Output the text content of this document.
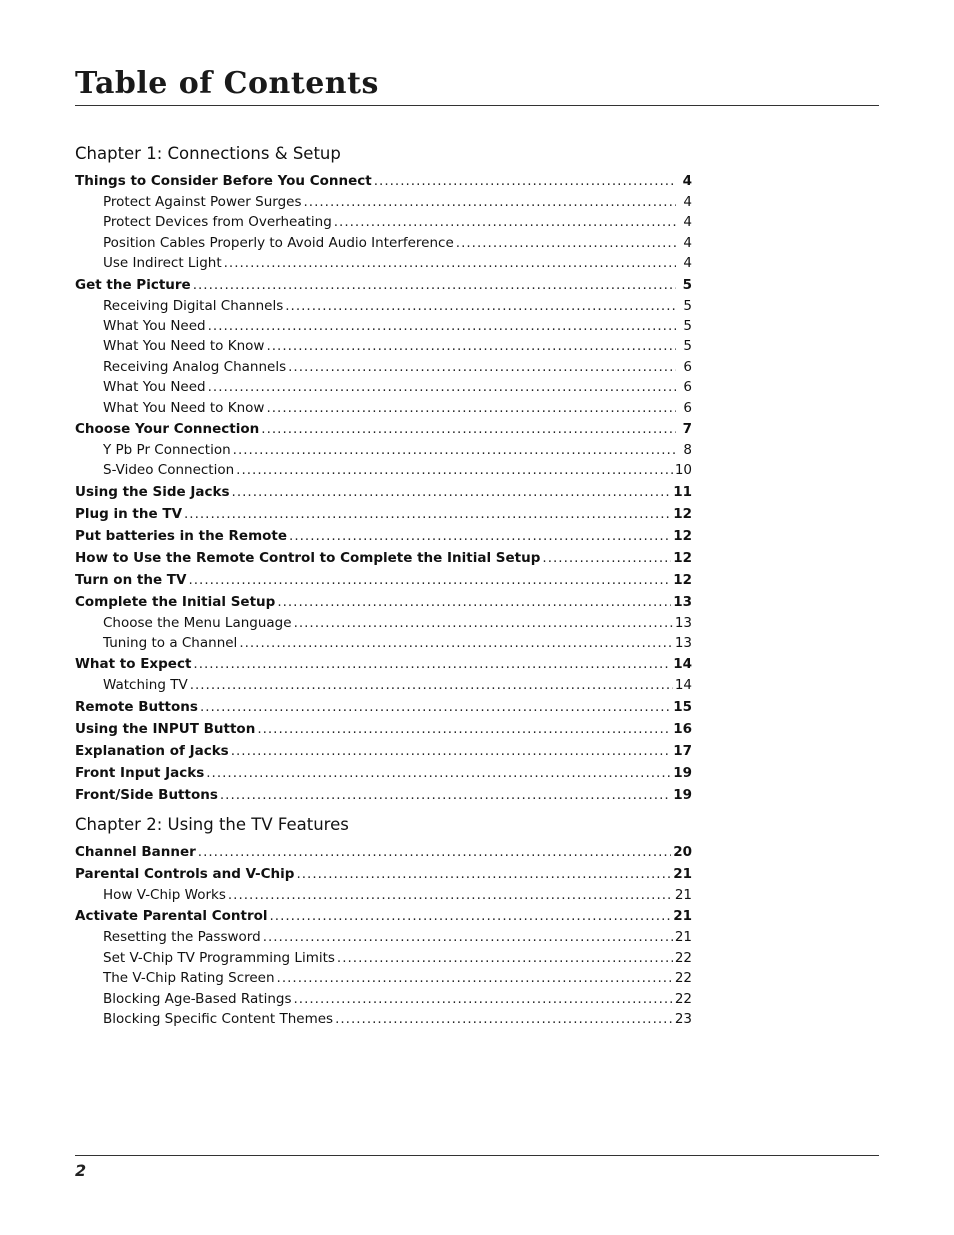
Table of Contents
Chapter 1: Connections & Setup
Things to Consider Before You Connect .....	4
Protect Against Power Surges .....	4
Protect Devices from Overheating .....	4
Position Cables Properly to Avoid Audio Interference .....	4
Use Indirect Light .....	4
Get the Picture .....	5
Receiving Digital Channels .....	5
What You Need .....	5
What You Need to Know .....	5
Receiving Analog Channels .....	6
What You Need .....	6
What You Need to Know .....	6
Choose Your Connection .....	7
Y Pb Pr Connection .....	8
S-Video Connection .....	10
Using the Side Jacks .....	11
Plug in the TV .....	12
Put batteries in the Remote .....	12
How to Use the Remote Control to Complete the Initial Setup .....	12
Turn on the TV .....	12
Complete the Initial Setup .....	13
Choose the Menu Language .....	13
Tuning to a Channel .....	13
What to Expect .....	14
Watching TV .....	14
Remote Buttons .....	15
Using the INPUT Button .....	16
Explanation of Jacks .....	17
Front Input Jacks .....	19
Front/Side Buttons .....	19
Chapter 2: Using the TV Features
Channel Banner .....	20
Parental Controls and V-Chip .....	21
How V-Chip Works .....	21
Activate Parental Control .....	21
Resetting the Password .....	21
Set V-Chip TV Programming Limits .....	22
The V-Chip Rating Screen .....	22
Blocking Age-Based Ratings .....	22
Blocking Specific Content Themes .....	23
2
